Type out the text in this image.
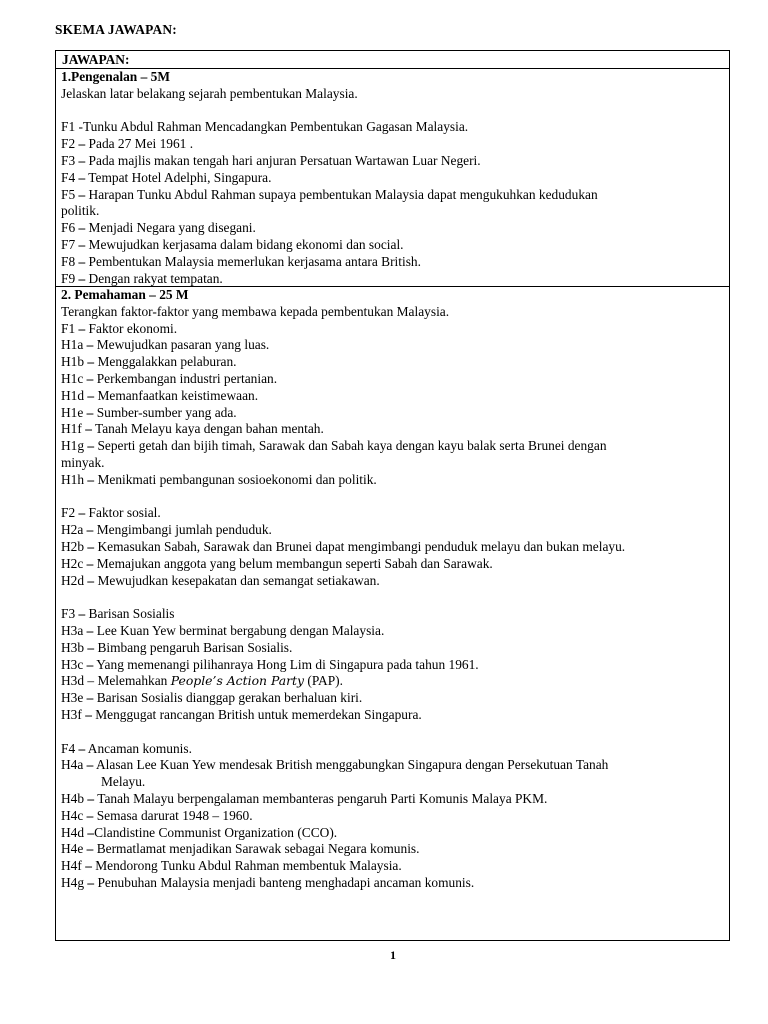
SKEMA JAWAPAN:
JAWAPAN:
1.Pengenalan – 5M
Jelaskan latar belakang sejarah pembentukan Malaysia.
F1 -Tunku Abdul Rahman Mencadangkan Pembentukan Gagasan Malaysia.
F2 – Pada 27 Mei 1961 .
F3 – Pada majlis makan tengah hari anjuran Persatuan Wartawan Luar Negeri.
F4 – Tempat Hotel Adelphi, Singapura.
F5 – Harapan Tunku Abdul Rahman supaya pembentukan Malaysia dapat mengukuhkan kedudukan
politik.
F6 – Menjadi Negara yang disegani.
F7 – Mewujudkan kerjasama dalam bidang ekonomi dan social.
F8 – Pembentukan Malaysia memerlukan kerjasama antara British.
F9 – Dengan rakyat tempatan.
2. Pemahaman – 25 M
Terangkan faktor-faktor yang membawa kepada pembentukan Malaysia.
F1 – Faktor ekonomi.
H1a – Mewujudkan pasaran yang luas.
H1b – Menggalakkan pelaburan.
H1c – Perkembangan industri pertanian.
H1d – Memanfaatkan keistimewaan.
H1e – Sumber-sumber yang ada.
H1f – Tanah Melayu kaya dengan bahan mentah.
H1g – Seperti getah dan bijih timah, Sarawak dan Sabah kaya dengan kayu balak serta Brunei dengan
minyak.
H1h – Menikmati pembangunan sosioekonomi dan politik.
F2 – Faktor sosial.
H2a – Mengimbangi jumlah penduduk.
H2b – Kemasukan Sabah, Sarawak dan Brunei dapat mengimbangi penduduk melayu dan bukan melayu.
H2c – Memajukan anggota yang belum membangun seperti Sabah dan Sarawak.
H2d – Mewujudkan kesepakatan dan semangat setiakawan.
F3 – Barisan Sosialis
H3a – Lee Kuan Yew berminat bergabung dengan Malaysia.
H3b – Bimbang pengaruh Barisan Sosialis.
H3c – Yang memenangi pilihanraya Hong Lim di Singapura pada tahun 1961.
H3d – Melemahkan People’s Action Party (PAP).
H3e – Barisan Sosialis dianggap gerakan berhaluan kiri.
H3f – Menggugat rancangan British untuk memerdekan Singapura.
F4 – Ancaman komunis.
H4a – Alasan Lee Kuan Yew mendesak British menggabungkan Singapura dengan Persekutuan Tanah
Melayu.
H4b – Tanah Malayu berpengalaman membanteras pengaruh Parti Komunis Malaya PKM.
H4c – Semasa darurat 1948 – 1960.
H4d –Clandistine Communist Organization (CCO).
H4e – Bermatlamat menjadikan Sarawak sebagai Negara komunis.
H4f – Mendorong Tunku Abdul Rahman membentuk Malaysia.
H4g – Penubuhan Malaysia menjadi banteng menghadapi ancaman komunis.
1
